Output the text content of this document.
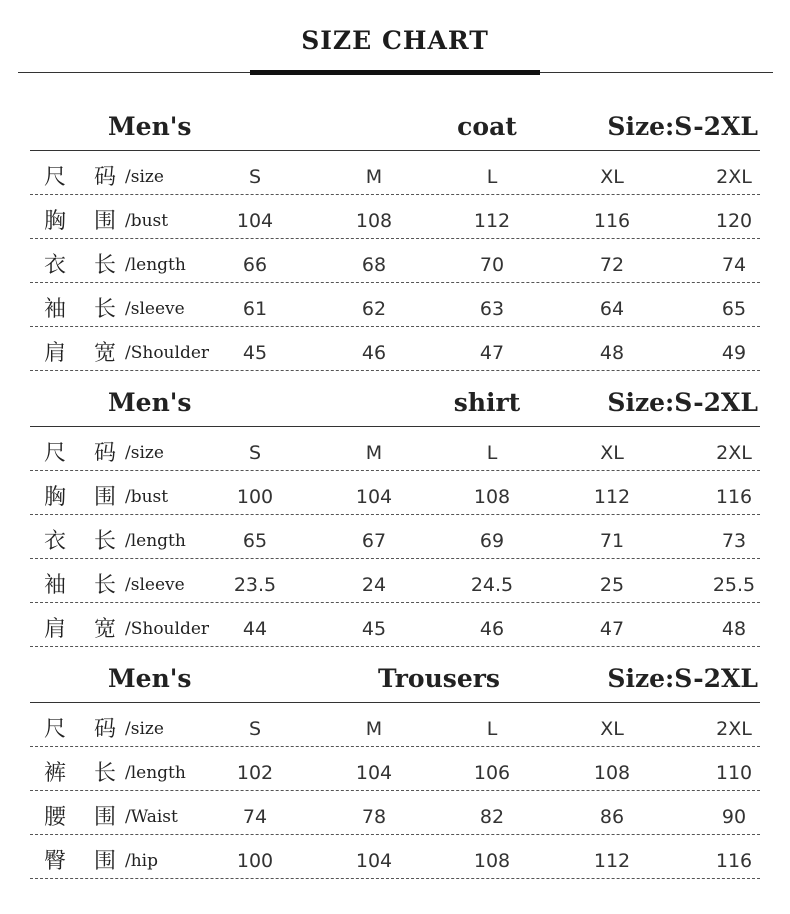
SIZE CHART
Men's	coat	Size:S-2XL
尺 码 /size	S	M	L	XL	2XL
胸 围 /bust	104	108	112	116	120
衣 长 /length	66	68	70	72	74
袖 长 /sleeve	61	62	63	64	65
肩 宽 /Shoulder	45	46	47	48	49
Men's	shirt	Size:S-2XL
尺 码 /size	S	M	L	XL	2XL
胸 围 /bust	100	104	108	112	116
衣 长 /length	65	67	69	71	73
袖 长 /sleeve	23.5	24	24.5	25	25.5
肩 宽 /Shoulder	44	45	46	47	48
Men's	Trousers	Size:S-2XL
尺 码 /size	S	M	L	XL	2XL
裤 长 /length	102	104	106	108	110
腰 围 /Waist	74	78	82	86	90
臀 围 /hip	100	104	108	112	116
